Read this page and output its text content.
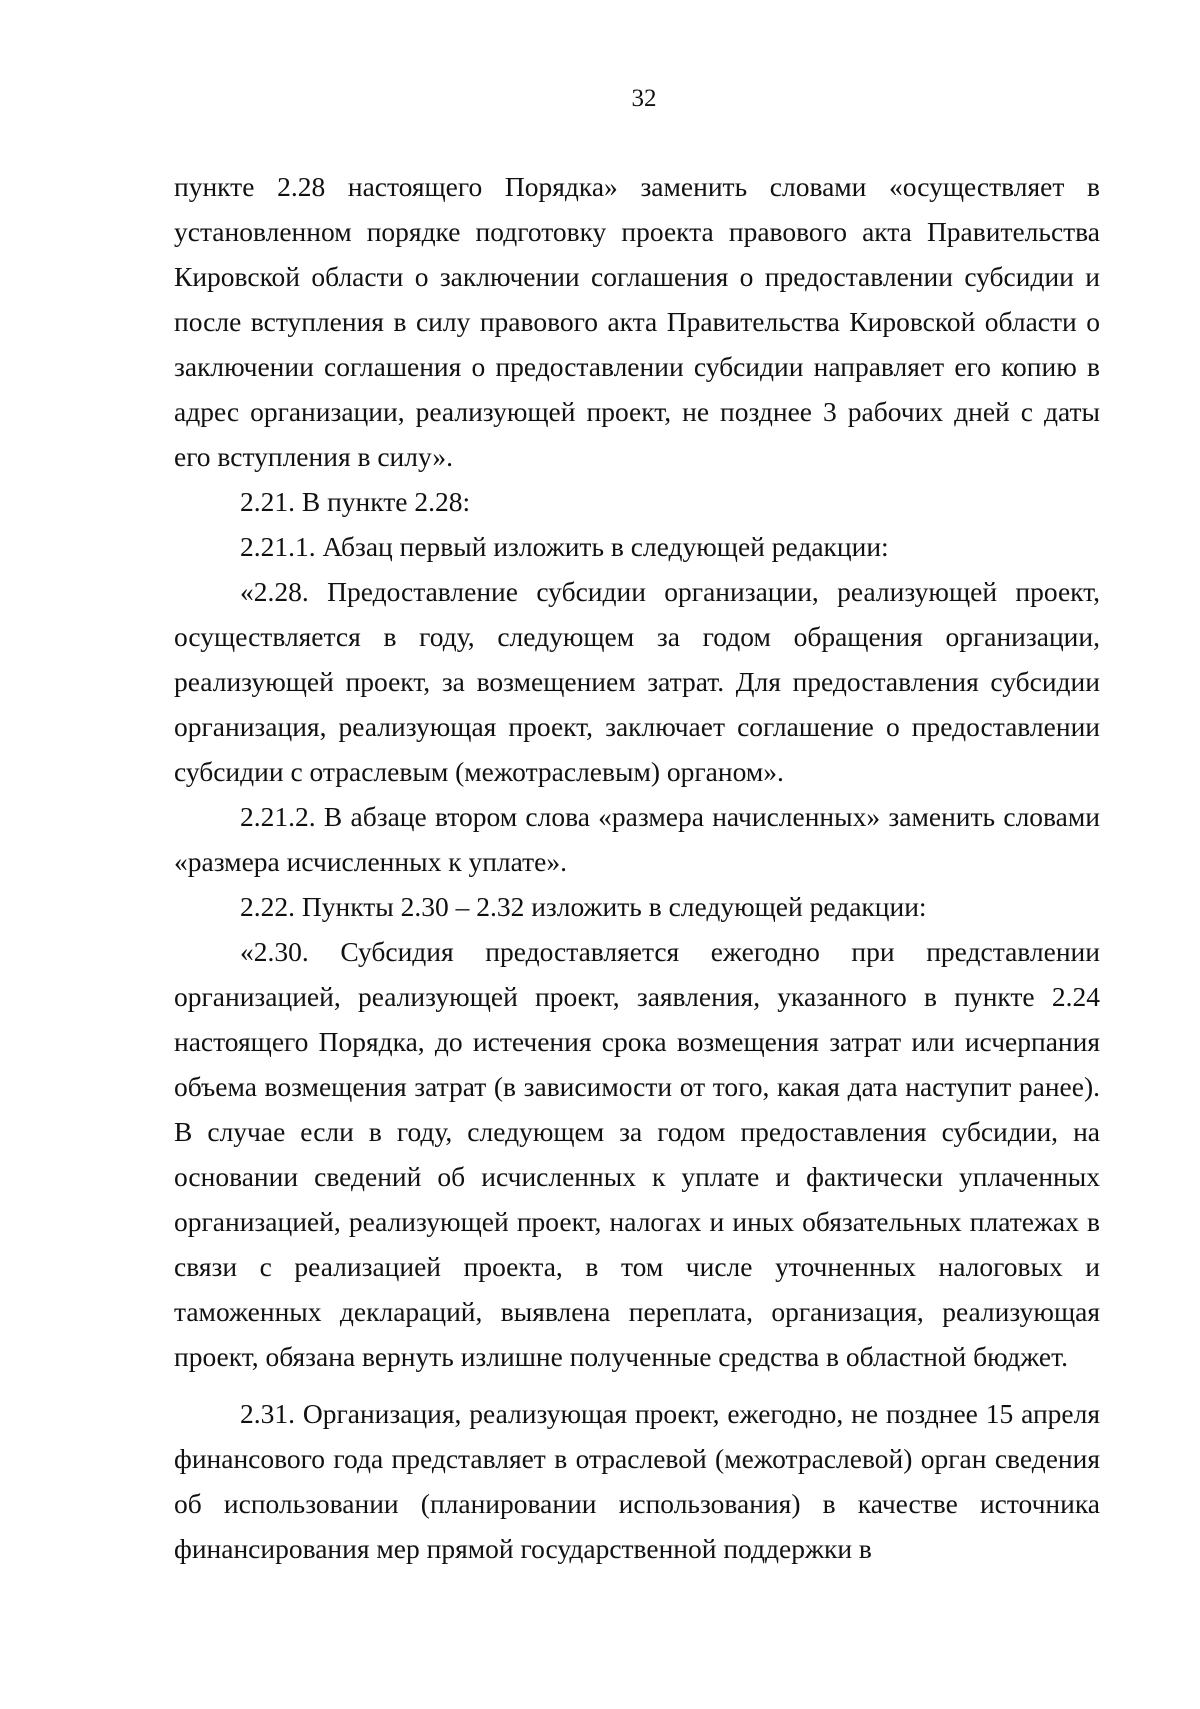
32

пункте 2.28 настоящего Порядка» заменить словами «осуществляет в установленном порядке подготовку проекта правового акта Правительства Кировской области о заключении соглашения о предоставлении субсидии и после вступления в силу правового акта Правительства Кировской области о заключении соглашения о предоставлении субсидии направляет его копию в адрес организации, реализующей проект, не позднее 3 рабочих дней с даты его вступления в силу».

2.21. В пункте 2.28:

2.21.1. Абзац первый изложить в следующей редакции:

«2.28. Предоставление субсидии организации, реализующей проект, осуществляется в году, следующем за годом обращения организации, реализующей проект, за возмещением затрат. Для предоставления субсидии организация, реализующая проект, заключает соглашение о предоставлении субсидии с отраслевым (межотраслевым) органом».

2.21.2. В абзаце втором слова «размера начисленных» заменить словами «размера исчисленных к уплате».

2.22. Пункты 2.30 – 2.32 изложить в следующей редакции:

«2.30. Субсидия предоставляется ежегодно при представлении организацией, реализующей проект, заявления, указанного в пункте 2.24 настоящего Порядка, до истечения срока возмещения затрат или исчерпания объема возмещения затрат (в зависимости от того, какая дата наступит ранее). В случае если в году, следующем за годом предоставления субсидии, на основании сведений об исчисленных к уплате и фактически уплаченных организацией, реализующей проект, налогах и иных обязательных платежах в связи с реализацией проекта, в том числе уточненных налоговых и таможенных деклараций, выявлена переплата, организация, реализующая проект, обязана вернуть излишне полученные средства в областной бюджет.

2.31. Организация, реализующая проект, ежегодно, не позднее 15 апреля финансового года представляет в отраслевой (межотраслевой) орган сведения об использовании (планировании использования) в качестве источника финансирования мер прямой государственной поддержки в
